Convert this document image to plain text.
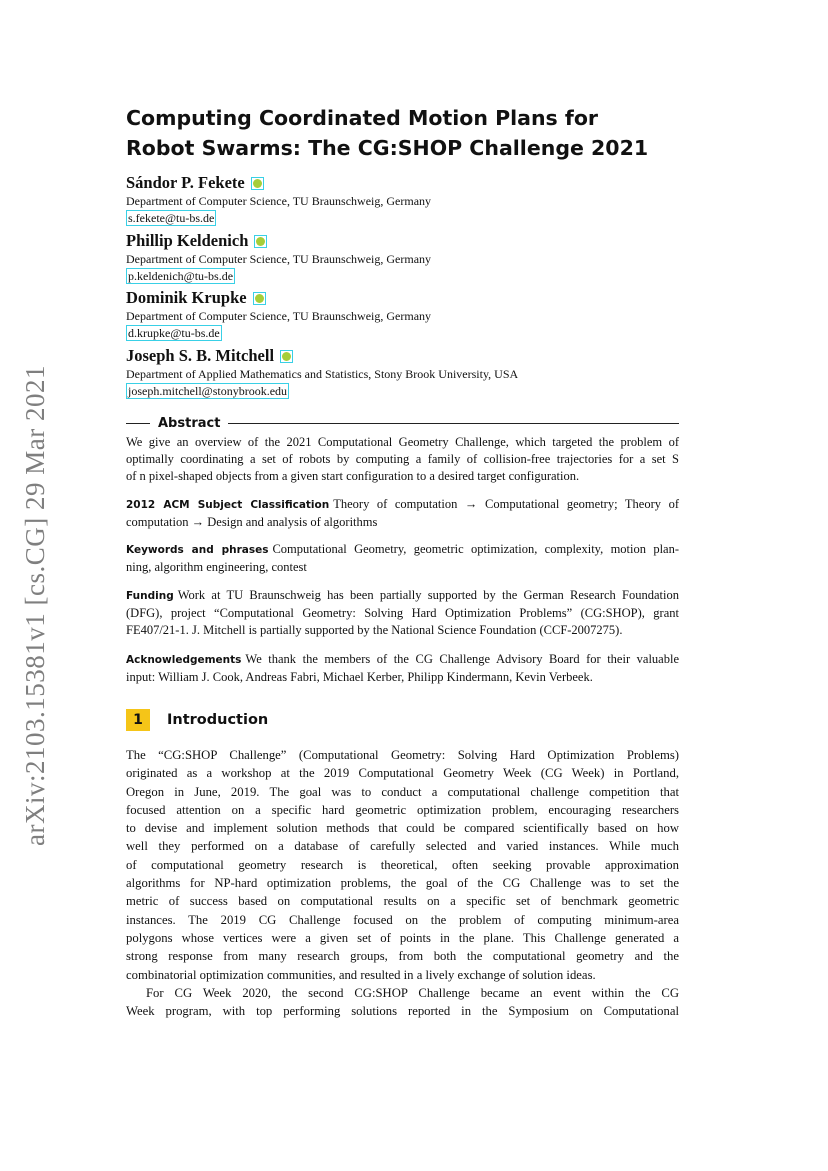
arXiv:2103.15381v1 [cs.CG] 29 Mar 2021
Computing Coordinated Motion Plans for
Robot Swarms: The CG:SHOP Challenge 2021
Sándor P. Fekete
Department of Computer Science, TU Braunschweig, Germany
s.fekete@tu-bs.de
Phillip Keldenich
Department of Computer Science, TU Braunschweig, Germany
p.keldenich@tu-bs.de
Dominik Krupke
Department of Computer Science, TU Braunschweig, Germany
d.krupke@tu-bs.de
Joseph S. B. Mitchell
Department of Applied Mathematics and Statistics, Stony Brook University, USA
joseph.mitchell@stonybrook.edu
Abstract
We give an overview of the 2021 Computational Geometry Challenge, which targeted the problem of
optimally coordinating a set of robots by computing a family of collision-free trajectories for a set S
of n pixel-shaped objects from a given start configuration to a desired target configuration.
2012 ACM Subject Classification Theory of computation → Computational geometry; Theory of
computation → Design and analysis of algorithms
Keywords and phrases Computational Geometry, geometric optimization, complexity, motion plan-
ning, algorithm engineering, contest
Funding Work at TU Braunschweig has been partially supported by the German Research Foundation
(DFG), project “Computational Geometry: Solving Hard Optimization Problems” (CG:SHOP), grant
FE407/21-1. J. Mitchell is partially supported by the National Science Foundation (CCF-2007275).
Acknowledgements We thank the members of the CG Challenge Advisory Board for their valuable
input: William J. Cook, Andreas Fabri, Michael Kerber, Philipp Kindermann, Kevin Verbeek.
1	Introduction
The “CG:SHOP Challenge” (Computational Geometry: Solving Hard Optimization Problems)
originated as a workshop at the 2019 Computational Geometry Week (CG Week) in Portland,
Oregon in June, 2019. The goal was to conduct a computational challenge competition that
focused attention on a specific hard geometric optimization problem, encouraging researchers
to devise and implement solution methods that could be compared scientifically based on how
well they performed on a database of carefully selected and varied instances. While much
of computational geometry research is theoretical, often seeking provable approximation
algorithms for NP-hard optimization problems, the goal of the CG Challenge was to set the
metric of success based on computational results on a specific set of benchmark geometric
instances. The 2019 CG Challenge focused on the problem of computing minimum-area
polygons whose vertices were a given set of points in the plane. This Challenge generated a
strong response from many research groups, from both the computational geometry and the
combinatorial optimization communities, and resulted in a lively exchange of solution ideas.
For CG Week 2020, the second CG:SHOP Challenge became an event within the CG
Week program, with top performing solutions reported in the Symposium on Computational
